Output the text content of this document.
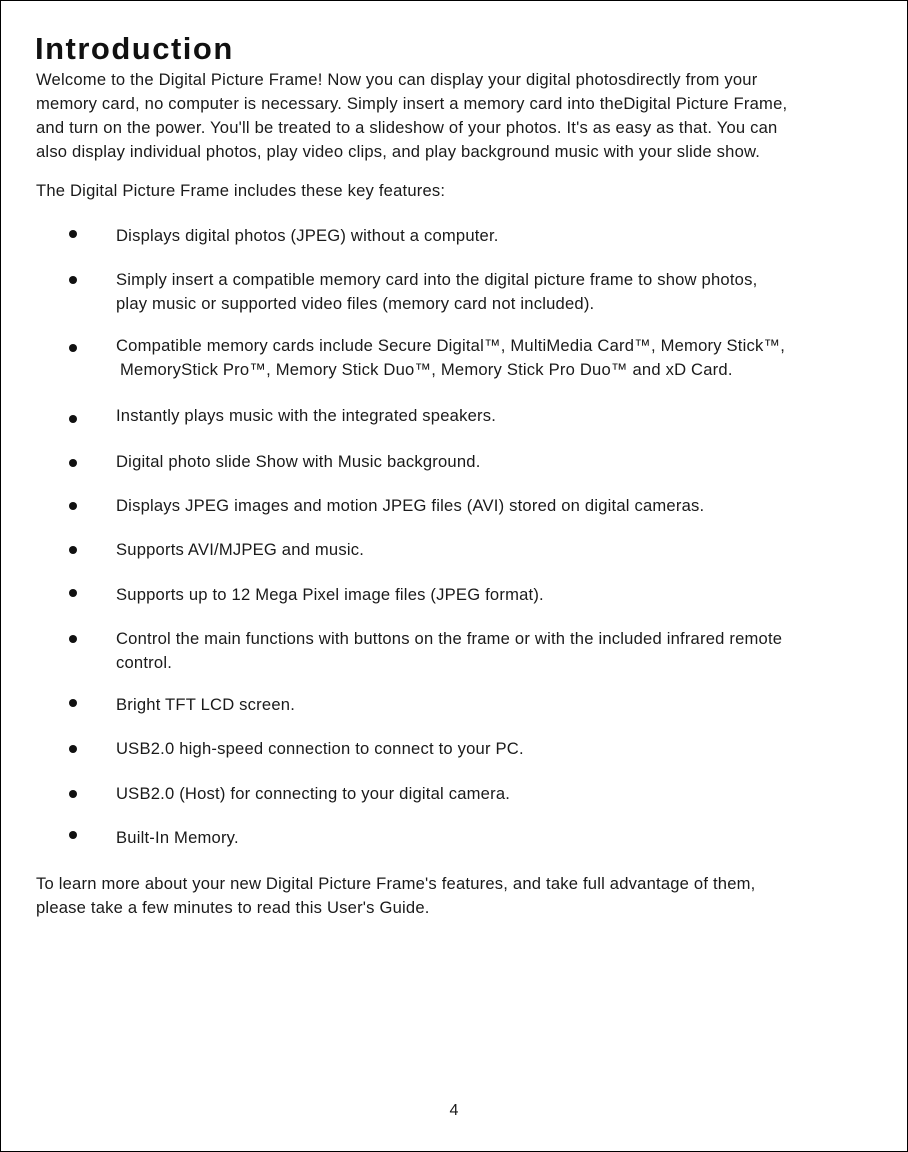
Introduction

Welcome to the Digital Picture Frame! Now you can display your digital photosdirectly from your
memory card, no computer is necessary. Simply insert a memory card into theDigital Picture Frame,
and turn on the power. You'll be treated to a slideshow of your photos. It's as easy as that. You can
also display individual photos, play video clips, and play background music with your slide show.

The Digital Picture Frame includes these key features:

Displays digital photos (JPEG) without a computer.
Simply insert a compatible memory card into the digital picture frame to show photos,
play music or supported video files (memory card not included).
Compatible memory cards include Secure Digital™, MultiMedia Card™, Memory Stick™,
MemoryStick Pro™, Memory Stick Duo™, Memory Stick Pro Duo™ and xD Card.
Instantly plays music with the integrated speakers.
Digital photo slide Show with Music background.
Displays JPEG images and motion JPEG files (AVI) stored on digital cameras.
Supports AVI/MJPEG and music.
Supports up to 12 Mega Pixel image files (JPEG format).
Control the main functions with buttons on the frame or with the included infrared remote
control.
Bright TFT LCD screen.
USB2.0 high-speed connection to connect to your PC.
USB2.0 (Host) for connecting to your digital camera.
Built-In Memory.

To learn more about your new Digital Picture Frame's features, and take full advantage of them,
please take a few minutes to read this User's Guide.

4
